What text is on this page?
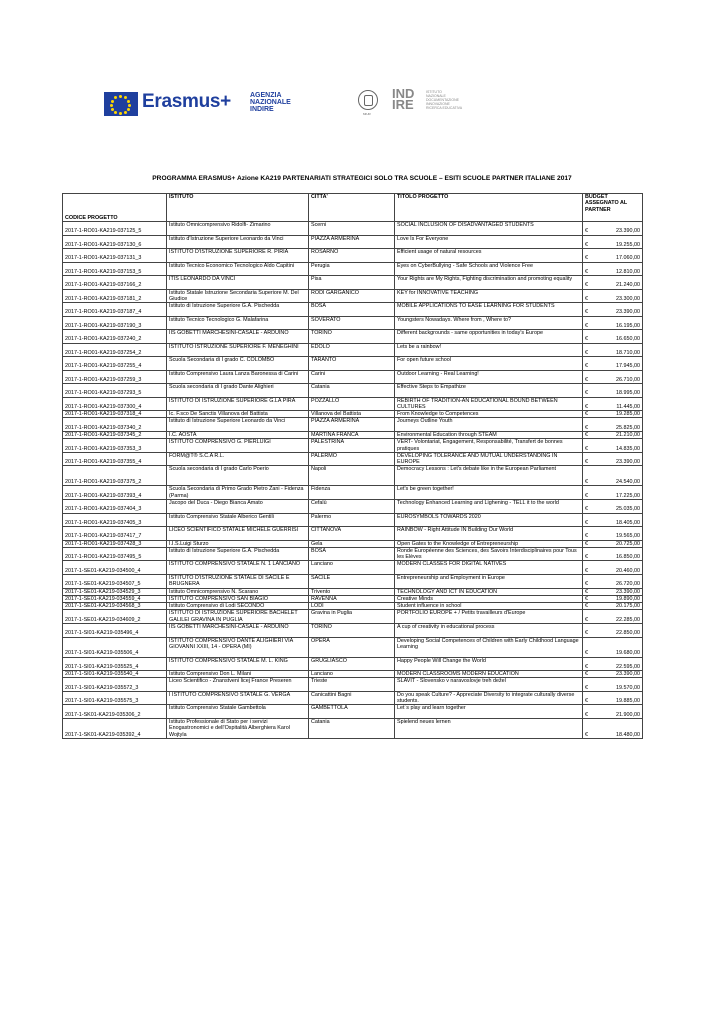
Erasmus+	AGENZIA
NAZIONALE
INDIRE
MIUR
IND
IRE
ISTITUTO
NAZIONALE
DOCUMENTAZIONE
INNOVAZIONE
RICERCA EDUCATIVA
PROGRAMMA ERASMUS+ Azione KA219 PARTENARIATI STRATEGICI SOLO TRA SCUOLE – ESITI SCUOLE PARTNER ITALIANE 2017
CODICE PROGETTO	ISTITUTO	CITTA'	TITOLO PROGETTO	BUDGET ASSEGNATO AL PARTNER
2017-1-RO01-KA219-037125_5	Istituto Omnicomprensivo Ridolfi- Zimarino	Scerni	SOCIAL INCLUSION OF DISADVANTAGED STUDENTS	€ 23.390,00

2017-1-RO01-KA219-037130_6	Istituto d'Istruzione Superiore Leonardo da Vinci	PIAZZA ARMERINA	Love Is For Everyone	€ 19.255,00

2017-1-RO01-KA219-037131_3	ISTITUTO D'ISTRUZIONE SUPERIORE R. PIRIA	ROSARNO	Efficient usage of natural resources	€ 17.060,00

2017-1-RO01-KA219-037153_5	Istituto Tecnico Economico Tecnologico Aldo Capitini	Perugia	Eyes on CyberBullying - Safe Schools and Violence Free	€ 12.810,00

2017-1-RO01-KA219-037166_2	ITIS LEONARDO DA VINCI	Pisa	Your Rights are My Rights, Fighting discrimination and promoting equality	€ 21.240,00

2017-1-RO01-KA219-037181_2	Istituto Statale Istruzione Secondaria Superiore M. Del Giudice	RODI GARGANICO	KEY for INNOVATIVE TEACHING	€ 23.300,00

2017-1-RO01-KA219-037187_4	Istituto di Istruzione Superiore G.A. Pischedda	BOSA	MOBILE APPLICATIONS TO EASE LEARNING FOR STUDENTS	€ 23.390,00

2017-1-RO01-KA219-037190_3	Istituto Tecnico Tecnologico G. Malafarina	SOVERATO	Youngsters Nowadays. Where from , Where to?	€ 16.195,00

2017-1-RO01-KA219-037240_2	IIS GOBETTI MARCHESINI-CASALE - ARDUINO	TORINO	Different backgrounds - same opportunities in today's Europe	€ 16.650,00

2017-1-RO01-KA219-037254_2	ISTITUTO ISTRUZIONE SUPERIORE F. MENEGHINI	EDOLO	Lets be a rainbow!	€ 18.710,00

2017-1-RO01-KA219-037255_4	Scuola Secondaria di I grado C. COLOMBO	TARANTO	For open future school	€ 17.945,00

2017-1-RO01-KA219-037259_3	Istituto Comprensivo Laura Lanza Baronessa di Carini	Carini	Outdoor Learning - Real Learning!	€ 26.710,00

2017-1-RO01-KA219-037293_5	Scuola secondaria di I grado Dante Alighieri	Catania	Effective Steps to Empathize	€ 18.995,00

2017-1-RO01-KA219-037300_4	ISTITUTO DI ISTRUZIONE SUPERIORE G.LA PIRA	POZZALLO	REBIRTH OF TRADITION-AN EDUCATIONAL BOUND BETWEEN CULTURES	€ 11.445,00

2017-1-RO01-KA219-037318_4	Ic. F.sco De Sanctis Villanova del Battista	Villanova del Battista	From Knowledge to Competences	€ 19.285,00

2017-1-RO01-KA219-037340_2	Istituto di Istruzione Superiore Leonardo da Vinci	PIAZZA ARMERINA	Journeys Outline Youth	€ 25.825,00

2017-1-RO01-KA219-037345_2	I.C. AOSTA	MARTINA FRANCA	Environmental Education through STEAM	€ 21.210,00

2017-1-RO01-KA219-037353_3	ISTITUTO COMPRENSIVO G. PIERLUIGI	PALESTRINA	VERT- Volontariat, Engagement, Responsabilité, Transfert de bonnes pratiques	€ 14.835,00

2017-1-RO01-KA219-037355_4	FORM@T® S.C.A R.L.	PALERMO	DEVELOPING TOLERANCE AND MUTUAL UNDERSTANDING IN EUROPE	€ 23.390,00

2017-1-RO01-KA219-037375_2	Scuola secondaria di I grado Carlo Poerio	Napoli	Democracy Lessons : Let's debate like in the European Parliament	€ 24.540,00

2017-1-RO01-KA219-037393_4	Scuola Secondaria di Primo Grado Pietro Zani - Fidenza (Parma)	Fidenza	Let's be green together!	€ 17.225,00

2017-1-RO01-KA219-037404_3	Jacopo del Duca - Diego Bianca Amato	Cefalù	Technology Enhanced Learning and Lighening - TELL it to the world	€ 25.035,00

2017-1-RO01-KA219-037405_3	Istituto Comprensivo Statale Alberico Gentili	Palermo	EUROSYMBOLS TOWARDS 2020	€ 18.405,00

2017-1-RO01-KA219-037417_7	LICEO SCIENTIFICO STATALE MICHELE GUERRISI	CITTANOVA	RAINBOW - Right Attitude IN Building Our World	€ 19.565,00

2017-1-RO01-KA219-037428_3	I.I.S.Luigi Sturzo	Gela	Open Gates to the Knowledge of Entrepreneurship	€ 20.725,00

2017-1-RO01-KA219-037495_5	Istituto di Istruzione Superiore G.A. Pischedda	BOSA	Ronde Européenne des Sciences, des Savoirs Interdisciplinaires pour Tous les Elèves	€ 16.850,00

2017-1-SE01-KA219-034500_4	ISTITUTO COMPRENSIVO STATALE N. 1 LANCIANO	Lanciano	MODERN CLASSES FOR DIGITAL NATIVES	€ 20.460,00

2017-1-SE01-KA219-034507_5	ISTITUTO D'ISTRUZIONE STATALE DI SACILE E BRUGNERA	SACILE	Entrepreneurship and Employment in Europe	€ 26.720,00

2017-1-SE01-KA219-034529_3	Istituto Omnicomprensivo N. Scarano	Trivento	TECHNOLOGY AND ICT IN EDUCATION	€ 23.390,00

2017-1-SE01-KA219-034559_4	ISTITUTO COMPRENSIVO SAN BIAGIO	RAVENNA	Creative Minds	€ 19.890,00

2017-1-SE01-KA219-034568_3	Istituto Comprensivo di Lodi SECONDO	LODI	Student influence in school	€ 20.175,00

2017-1-SE01-KA219-034609_2	ISTITUTO DI ISTRUZIONE SUPERIORE BACHELET GALILEI GRAVINA IN PUGLIA	Gravina in Puglia	PORTFOLIO EUROPE + / Petits travailleurs d'Europe	€ 22.285,00

2017-1-SI01-KA219-035496_4	IIS GOBETTI MARCHESINI-CASALE - ARDUINO	TORINO	A cup of creativity in educational process	€ 22.850,00

2017-1-SI01-KA219-035506_4	ISTITUTO COMPRENSIVO DANTE ALIGHIERI VIA GIOVANNI XXIII, 14 - OPERA (MI)	OPERA	Developing Social Competences of Children with Early Childhood Language Learning	€ 19.680,00

2017-1-SI01-KA219-035525_4	ISTITUTO COMPRENSIVO STATALE M. L. KING	GRUGLIASCO	Happy People Will Change the World	€ 22.595,00

2017-1-SI01-KA219-035540_4	Istituto Comprensivo Don L. Milani	Lanciano	MODERN CLASSROOMS MODERN EDUCATION	€ 23.390,00

2017-1-SI01-KA219-035572_3	Liceo Scientifico - Znanstveni licej France Preseren	Trieste	SLAVIT - Slovensko v naravoslovje treh dežel	€ 19.570,00

2017-1-SI01-KA219-035575_3	I ISTITUTO COMPRENSIVO STATALE G. VERGA	Canicattini Bagni	Do you speak Culture? - Appreciate Diversity to integrate culturally diverse students.	€ 19.885,00

2017-1-SK01-KA219-035306_2	Istituto Comprensivo Statale Gambettola	GAMBETTOLA	Let´s play and learn together	€ 21.900,00

2017-1-SK01-KA219-035392_4	Istituto Professionale di Stato per i servizi Enogastronomici e dell'Ospitalità Alberghiera Karol Wojtyla	Catania	Spielend neues lernen	€ 18.480,00
